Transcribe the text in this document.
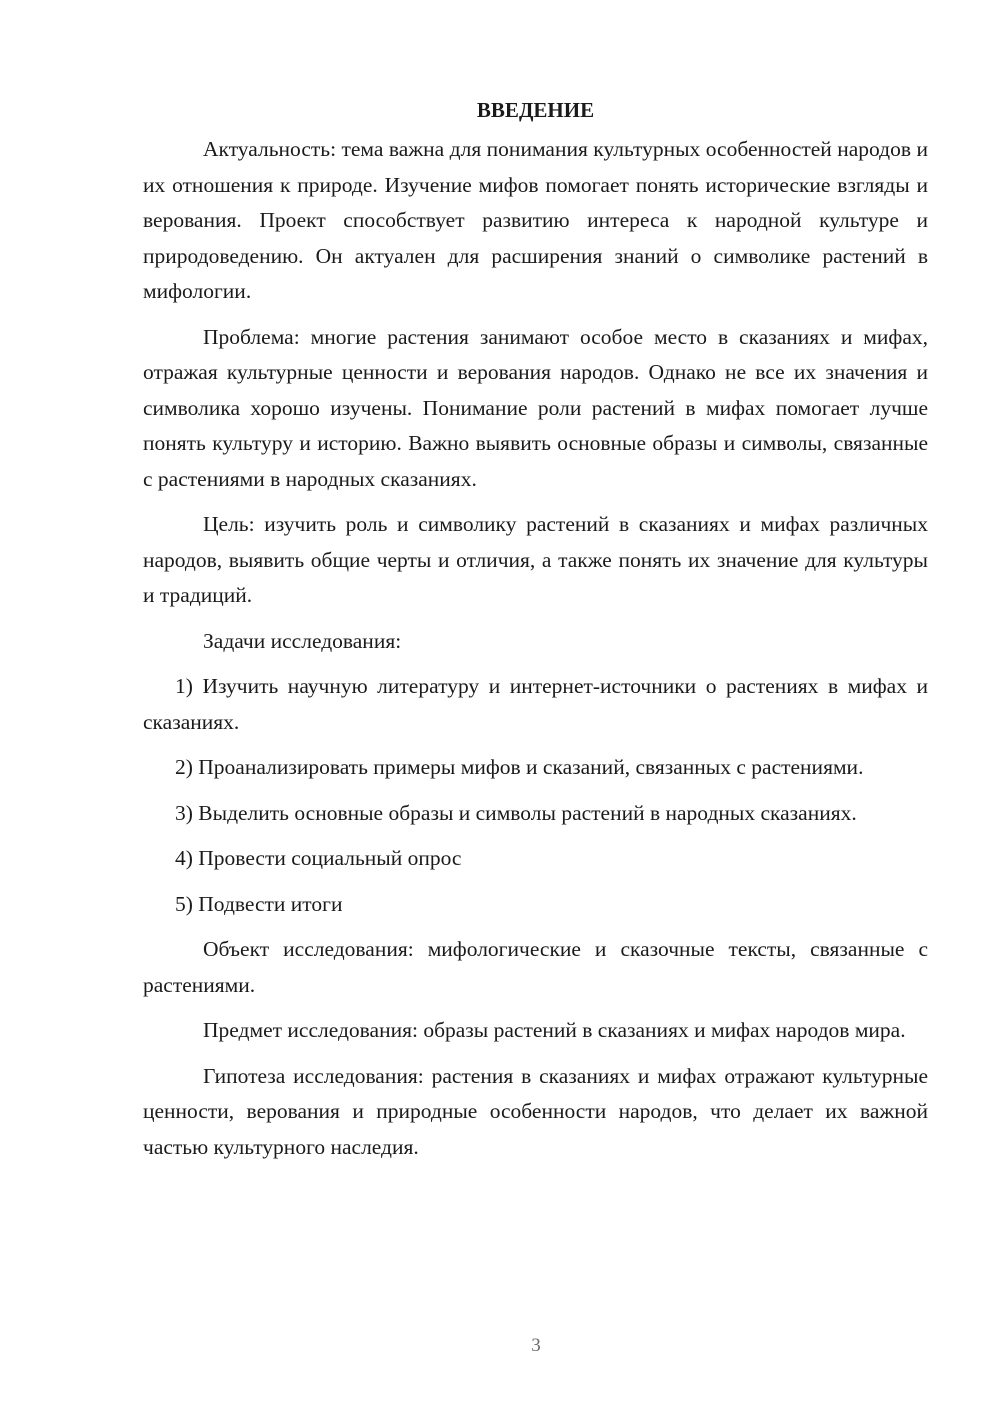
ВВЕДЕНИЕ

Актуальность: тема важна для понимания культурных особенностей народов и их отношения к природе. Изучение мифов помогает понять исторические взгляды и верования. Проект способствует развитию интереса к народной культуре и природоведению. Он актуален для расширения знаний о символике растений в мифологии.

Проблема: многие растения занимают особое место в сказаниях и мифах, отражая культурные ценности и верования народов. Однако не все их значения и символика хорошо изучены. Понимание роли растений в мифах помогает лучше понять культуру и историю. Важно выявить основные образы и символы, связанные с растениями в народных сказаниях.

Цель: изучить роль и символику растений в сказаниях и мифах различных народов, выявить общие черты и отличия, а также понять их значение для культуры и традиций.

Задачи исследования:

1) Изучить научную литературу и интернет-источники о растениях в мифах и сказаниях.

2) Проанализировать примеры мифов и сказаний, связанных с растениями.

3) Выделить основные образы и символы растений в народных сказаниях.

4) Провести социальный опрос

5) Подвести итоги

Объект исследования: мифологические и сказочные тексты, связанные с растениями.

Предмет исследования: образы растений в сказаниях и мифах народов мира.

Гипотеза исследования: растения в сказаниях и мифах отражают культурные ценности, верования и природные особенности народов, что делает их важной частью культурного наследия.

3
